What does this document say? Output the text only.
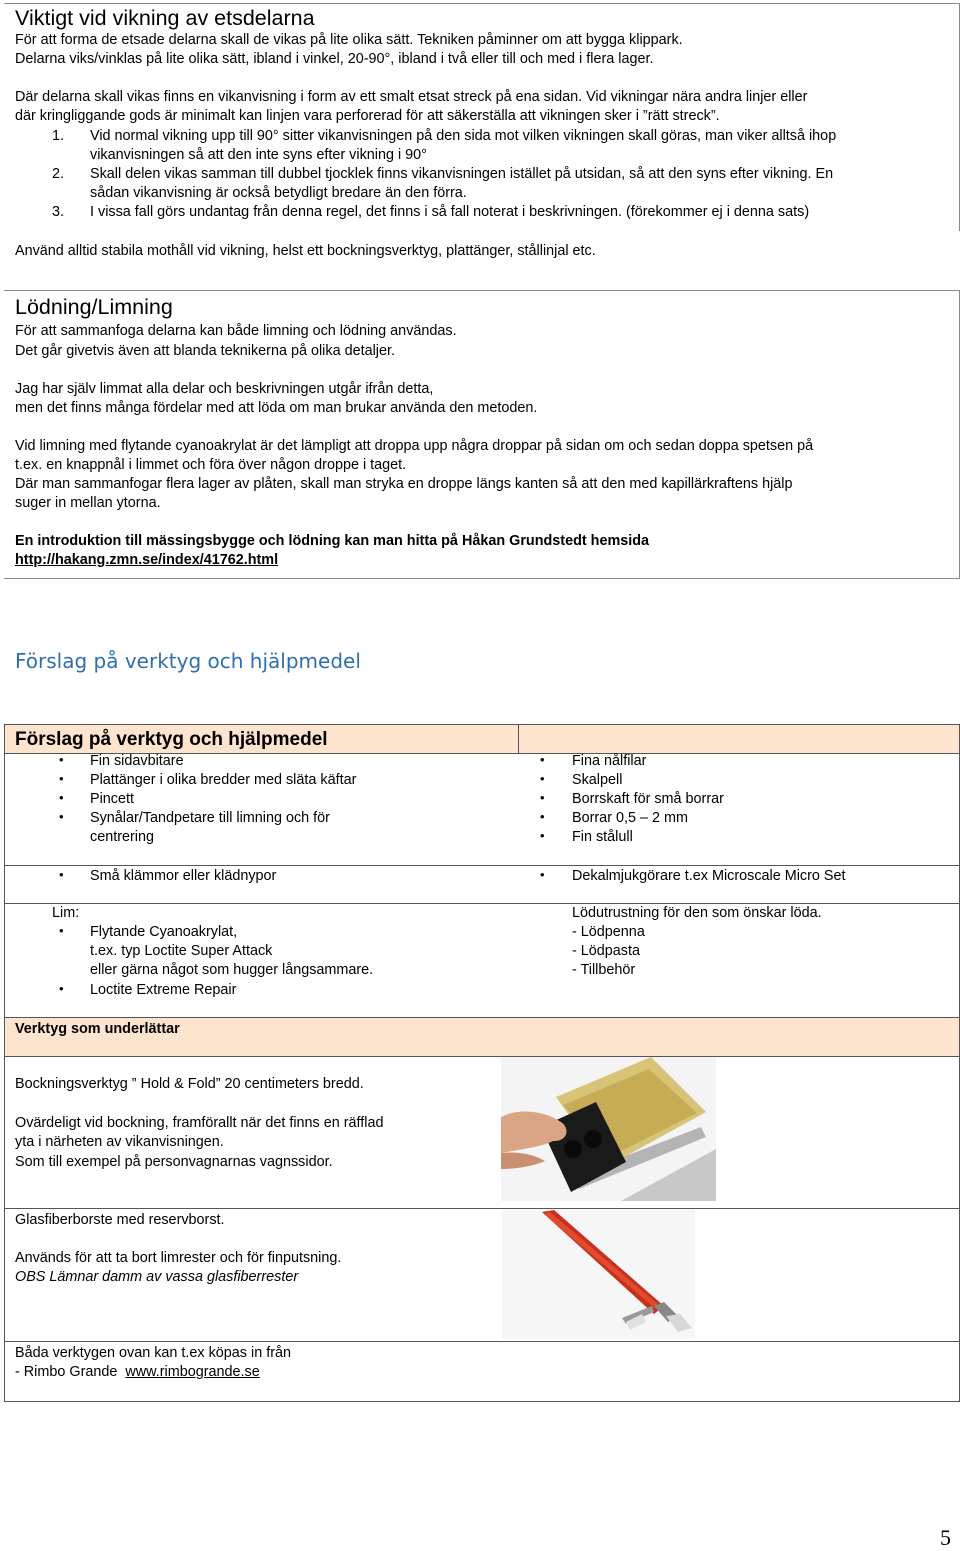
Viktigt vid vikning av etsdelarna
För att forma de etsade delarna skall de vikas på lite olika sätt. Tekniken påminner om att bygga klippark.
Delarna viks/vinklas på lite olika sätt, ibland i vinkel, 20-90°, ibland i två eller till och med i flera lager.
Där delarna skall vikas finns en vikanvisning i form av ett smalt etsat streck på ena sidan. Vid vikningar nära andra linjer eller
där kringliggande gods är minimalt kan linjen vara perforerad för att säkerställa att vikningen sker i ”rätt streck”.
1. Vid normal vikning upp till 90° sitter vikanvisningen på den sida mot vilken vikningen skall göras, man viker alltså ihop
vikanvisningen så att den inte syns efter vikning i 90°
2. Skall delen vikas samman till dubbel tjocklek finns vikanvisningen istället på utsidan, så att den syns efter vikning. En
sådan vikanvisning är också betydligt bredare än den förra.
3. I vissa fall görs undantag från denna regel, det finns i så fall noterat i beskrivningen. (förekommer ej i denna sats)
Använd alltid stabila mothåll vid vikning, helst ett bockningsverktyg, plattänger, stållinjal etc.
Lödning/Limning
För att sammanfoga delarna kan både limning och lödning användas.
Det går givetvis även att blanda teknikerna på olika detaljer.
Jag har själv limmat alla delar och beskrivningen utgår ifrån detta,
men det finns många fördelar med att löda om man brukar använda den metoden.
Vid limning med flytande cyanoakrylat är det lämpligt att droppa upp några droppar på sidan om och sedan doppa spetsen på
t.ex. en knappnål i limmet och föra över någon droppe i taget.
Där man sammanfogar flera lager av plåten, skall man stryka en droppe längs kanten så att den med kapillärkraftens hjälp
suger in mellan ytorna.
En introduktion till mässingsbygge och lödning kan man hitta på Håkan Grundstedt hemsida
http://hakang.zmn.se/index/41762.html
Förslag på verktyg och hjälpmedel
Förslag på verktyg och hjälpmedel
• Fin sidavbitare
• Plattänger i olika bredder med släta käftar
• Pincett
• Synålar/Tandpetare till limning och för
centrering
• Fina nålfilar
• Skalpell
• Borrskaft för små borrar
• Borrar 0,5 – 2 mm
• Fin stålull
• Små klämmor eller klädnypor	• Dekalmjukgörare t.ex Microscale Micro Set
Lim:
• Flytande Cyanoakrylat,
t.ex. typ Loctite Super Attack
eller gärna något som hugger långsammare.
• Loctite Extreme Repair
Lödutrustning för den som önskar löda.
- Lödpenna
- Lödpasta
- Tillbehör
Verktyg som underlättar
Bockningsverktyg ” Hold & Fold” 20 centimeters bredd.
Ovärdeligt vid bockning, framförallt när det finns en räfflad
yta i närheten av vikanvisningen.
Som till exempel på personvagnarnas vagnssidor.
Glasfiberborste med reservborst.
Används för att ta bort limrester och för finputsning.
OBS Lämnar damm av vassa glasfiberrester
Båda verktygen ovan kan t.ex köpas in från
- Rimbo Grande  www.rimbogrande.se
5
